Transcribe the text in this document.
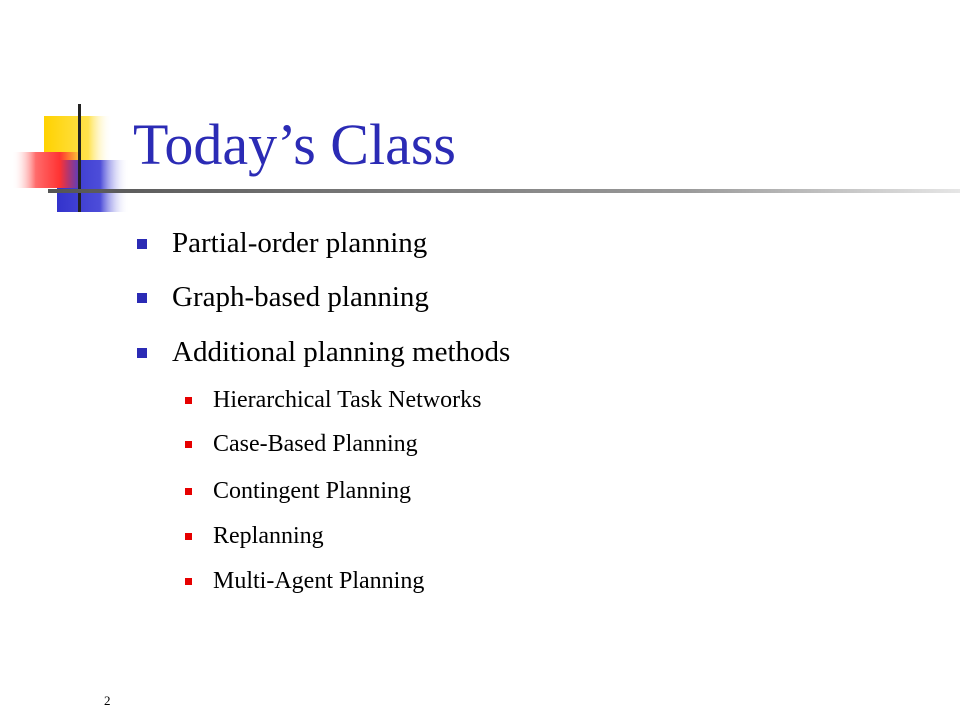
Today’s Class
Partial-order planning
Graph-based planning
Additional planning methods
Hierarchical Task Networks
Case-Based Planning
Contingent Planning
Replanning
Multi-Agent Planning
2
